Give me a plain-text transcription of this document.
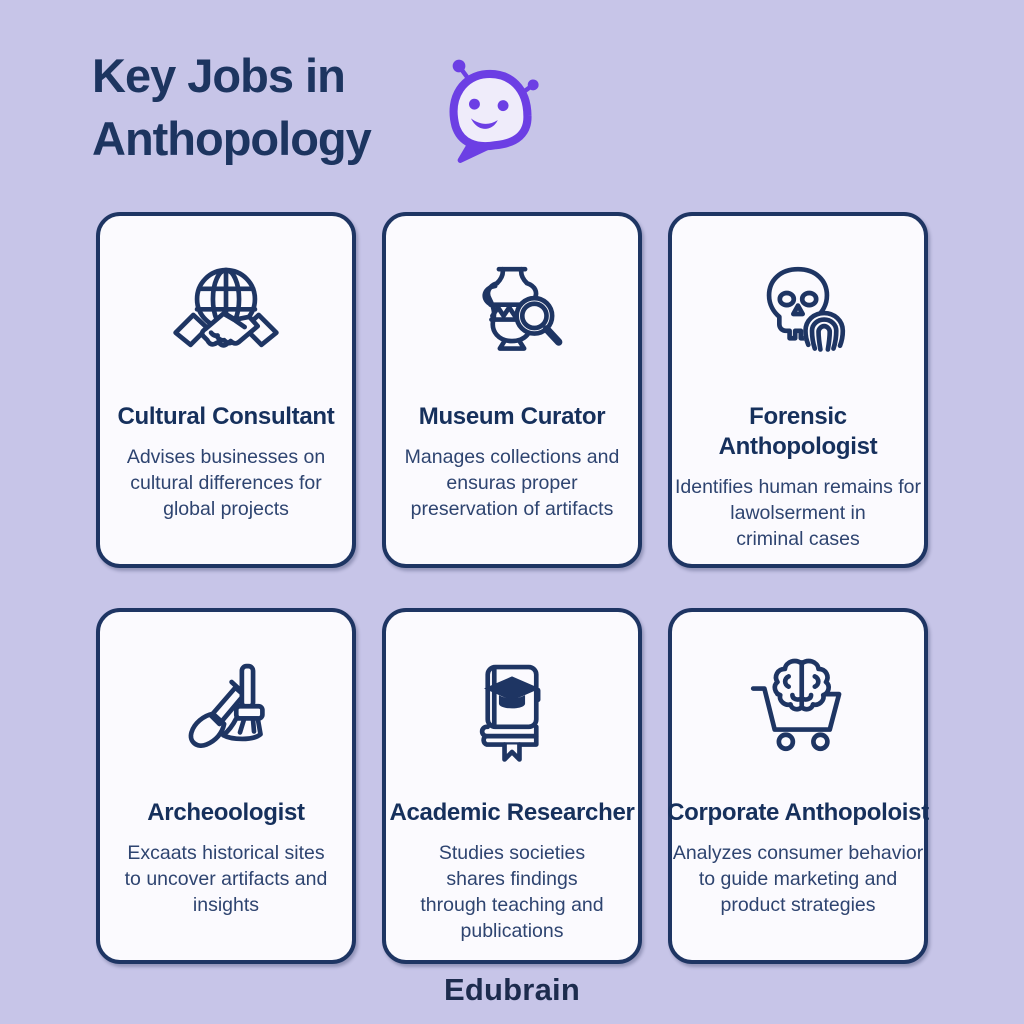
Key Jobs in
Anthopology
Cultural Consultant
Advises businesses on
cultural differences for
global projects
Museum Curator
Manages collections and
ensuras proper
preservation of artifacts
Forensic
Anthopologist
Identifies human remains for
lawolserment in
criminal cases
Archeoologist
Excaats historical sites
to uncover artifacts and
insights
Academic Researcher
Studies societies
shares findings
through teaching and
publications
Corporate Anthopoloist
Analyzes consumer behavior
to guide marketing and
product strategies
Edubrain
